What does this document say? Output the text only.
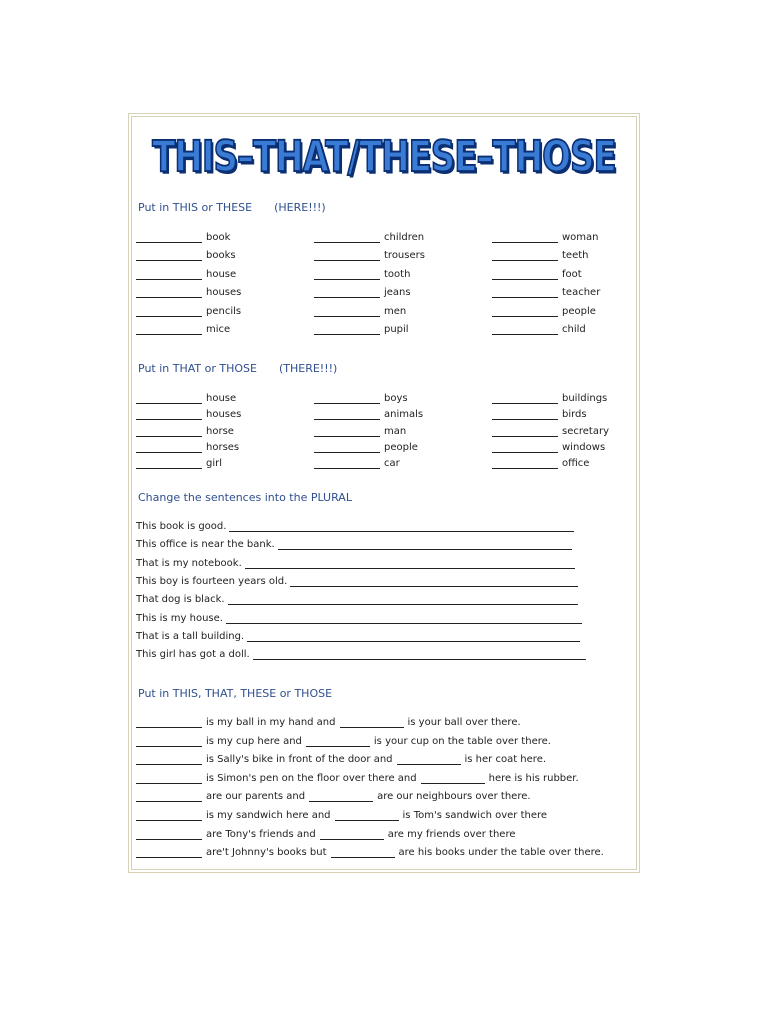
THIS–THAT/THESE–THOSE
Put in THIS or THESE (HERE!!!)
book	children	woman
books	trousers	teeth
house	tooth	foot
houses	jeans	teacher
pencils	men	people
mice	pupil	child
Put in THAT or THOSE (THERE!!!)
house	boys	buildings
houses	animals	birds
horse	man	secretary
horses	people	windows
girl	car	office
Change the sentences into the PLURAL
This book is good.
This office is near the bank.
That is my notebook.
This boy is fourteen years old.
That dog is black.
This is my house.
That is a tall building.
This girl has got a doll.
Put in THIS, THAT, THESE or THOSE
is my ball in my hand and	is your ball over there.
is my cup here and	is your cup on the table over there.
is Sally's bike in front of the door and	is her coat here.
is Simon's pen on the floor over there and	here is his rubber.
are our parents and	are our neighbours over there.
is my sandwich here and	is Tom's sandwich over there
are Tony's friends and	are my friends over there
are't Johnny's books but	are his books under the table over there.
